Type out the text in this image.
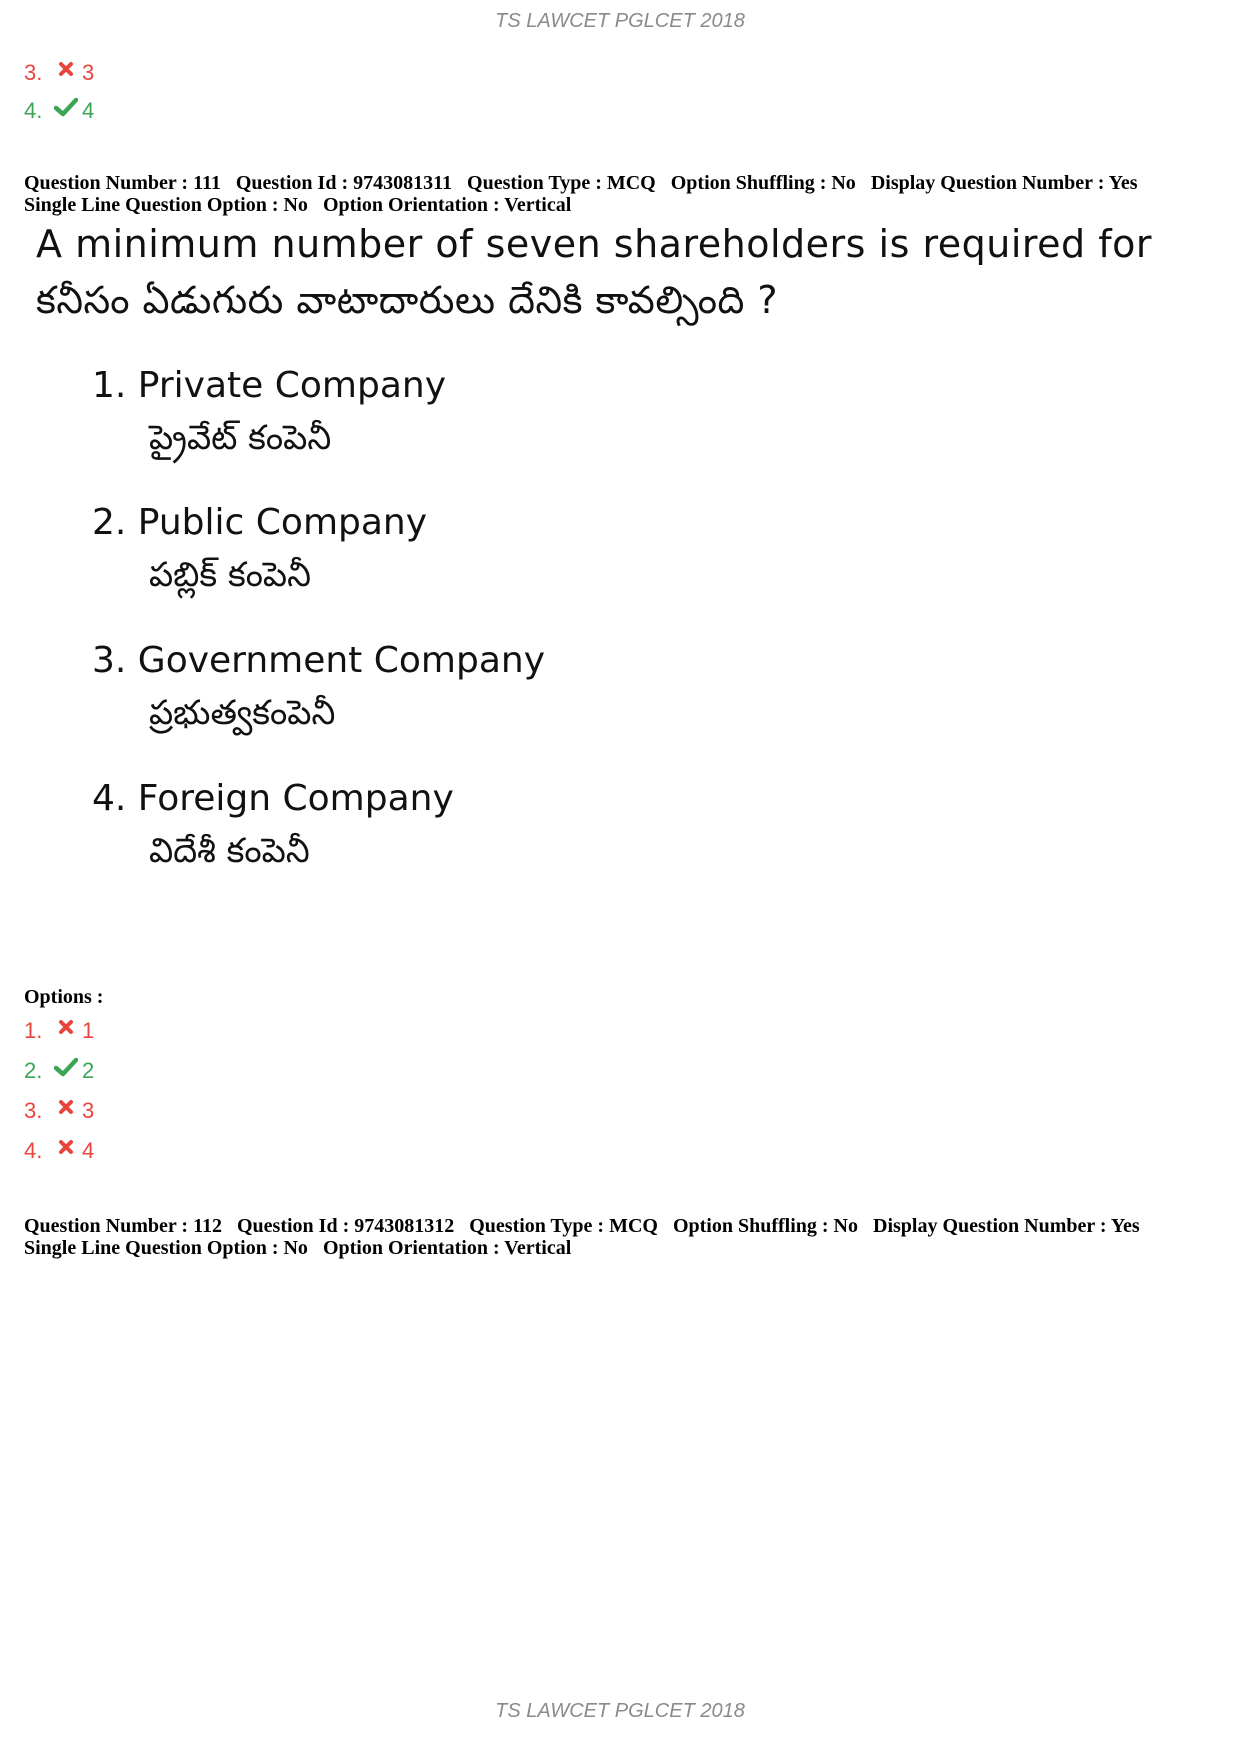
TS LAWCET PGLCET 2018
3.	3
4.	4
Question Number : 111 Question Id : 9743081311 Question Type : MCQ Option Shuffling : No Display Question Number : Yes
Single Line Question Option : No Option Orientation : Vertical
A minimum number of seven shareholders is required for
కనీసం ఏడుగురు వాటాదారులు దేనికి కావల్సింది ?
1. Private Company
ప్రైవేట్ కంపెనీ
2. Public Company
పబ్లిక్ కంపెనీ
3. Government Company
ప్రభుత్వకంపెనీ
4. Foreign Company
విదేశీ కంపెనీ
Options :
1.	1
2.	2
3.	3
4.	4
Question Number : 112 Question Id : 9743081312 Question Type : MCQ Option Shuffling : No Display Question Number : Yes
Single Line Question Option : No Option Orientation : Vertical
TS LAWCET PGLCET 2018
